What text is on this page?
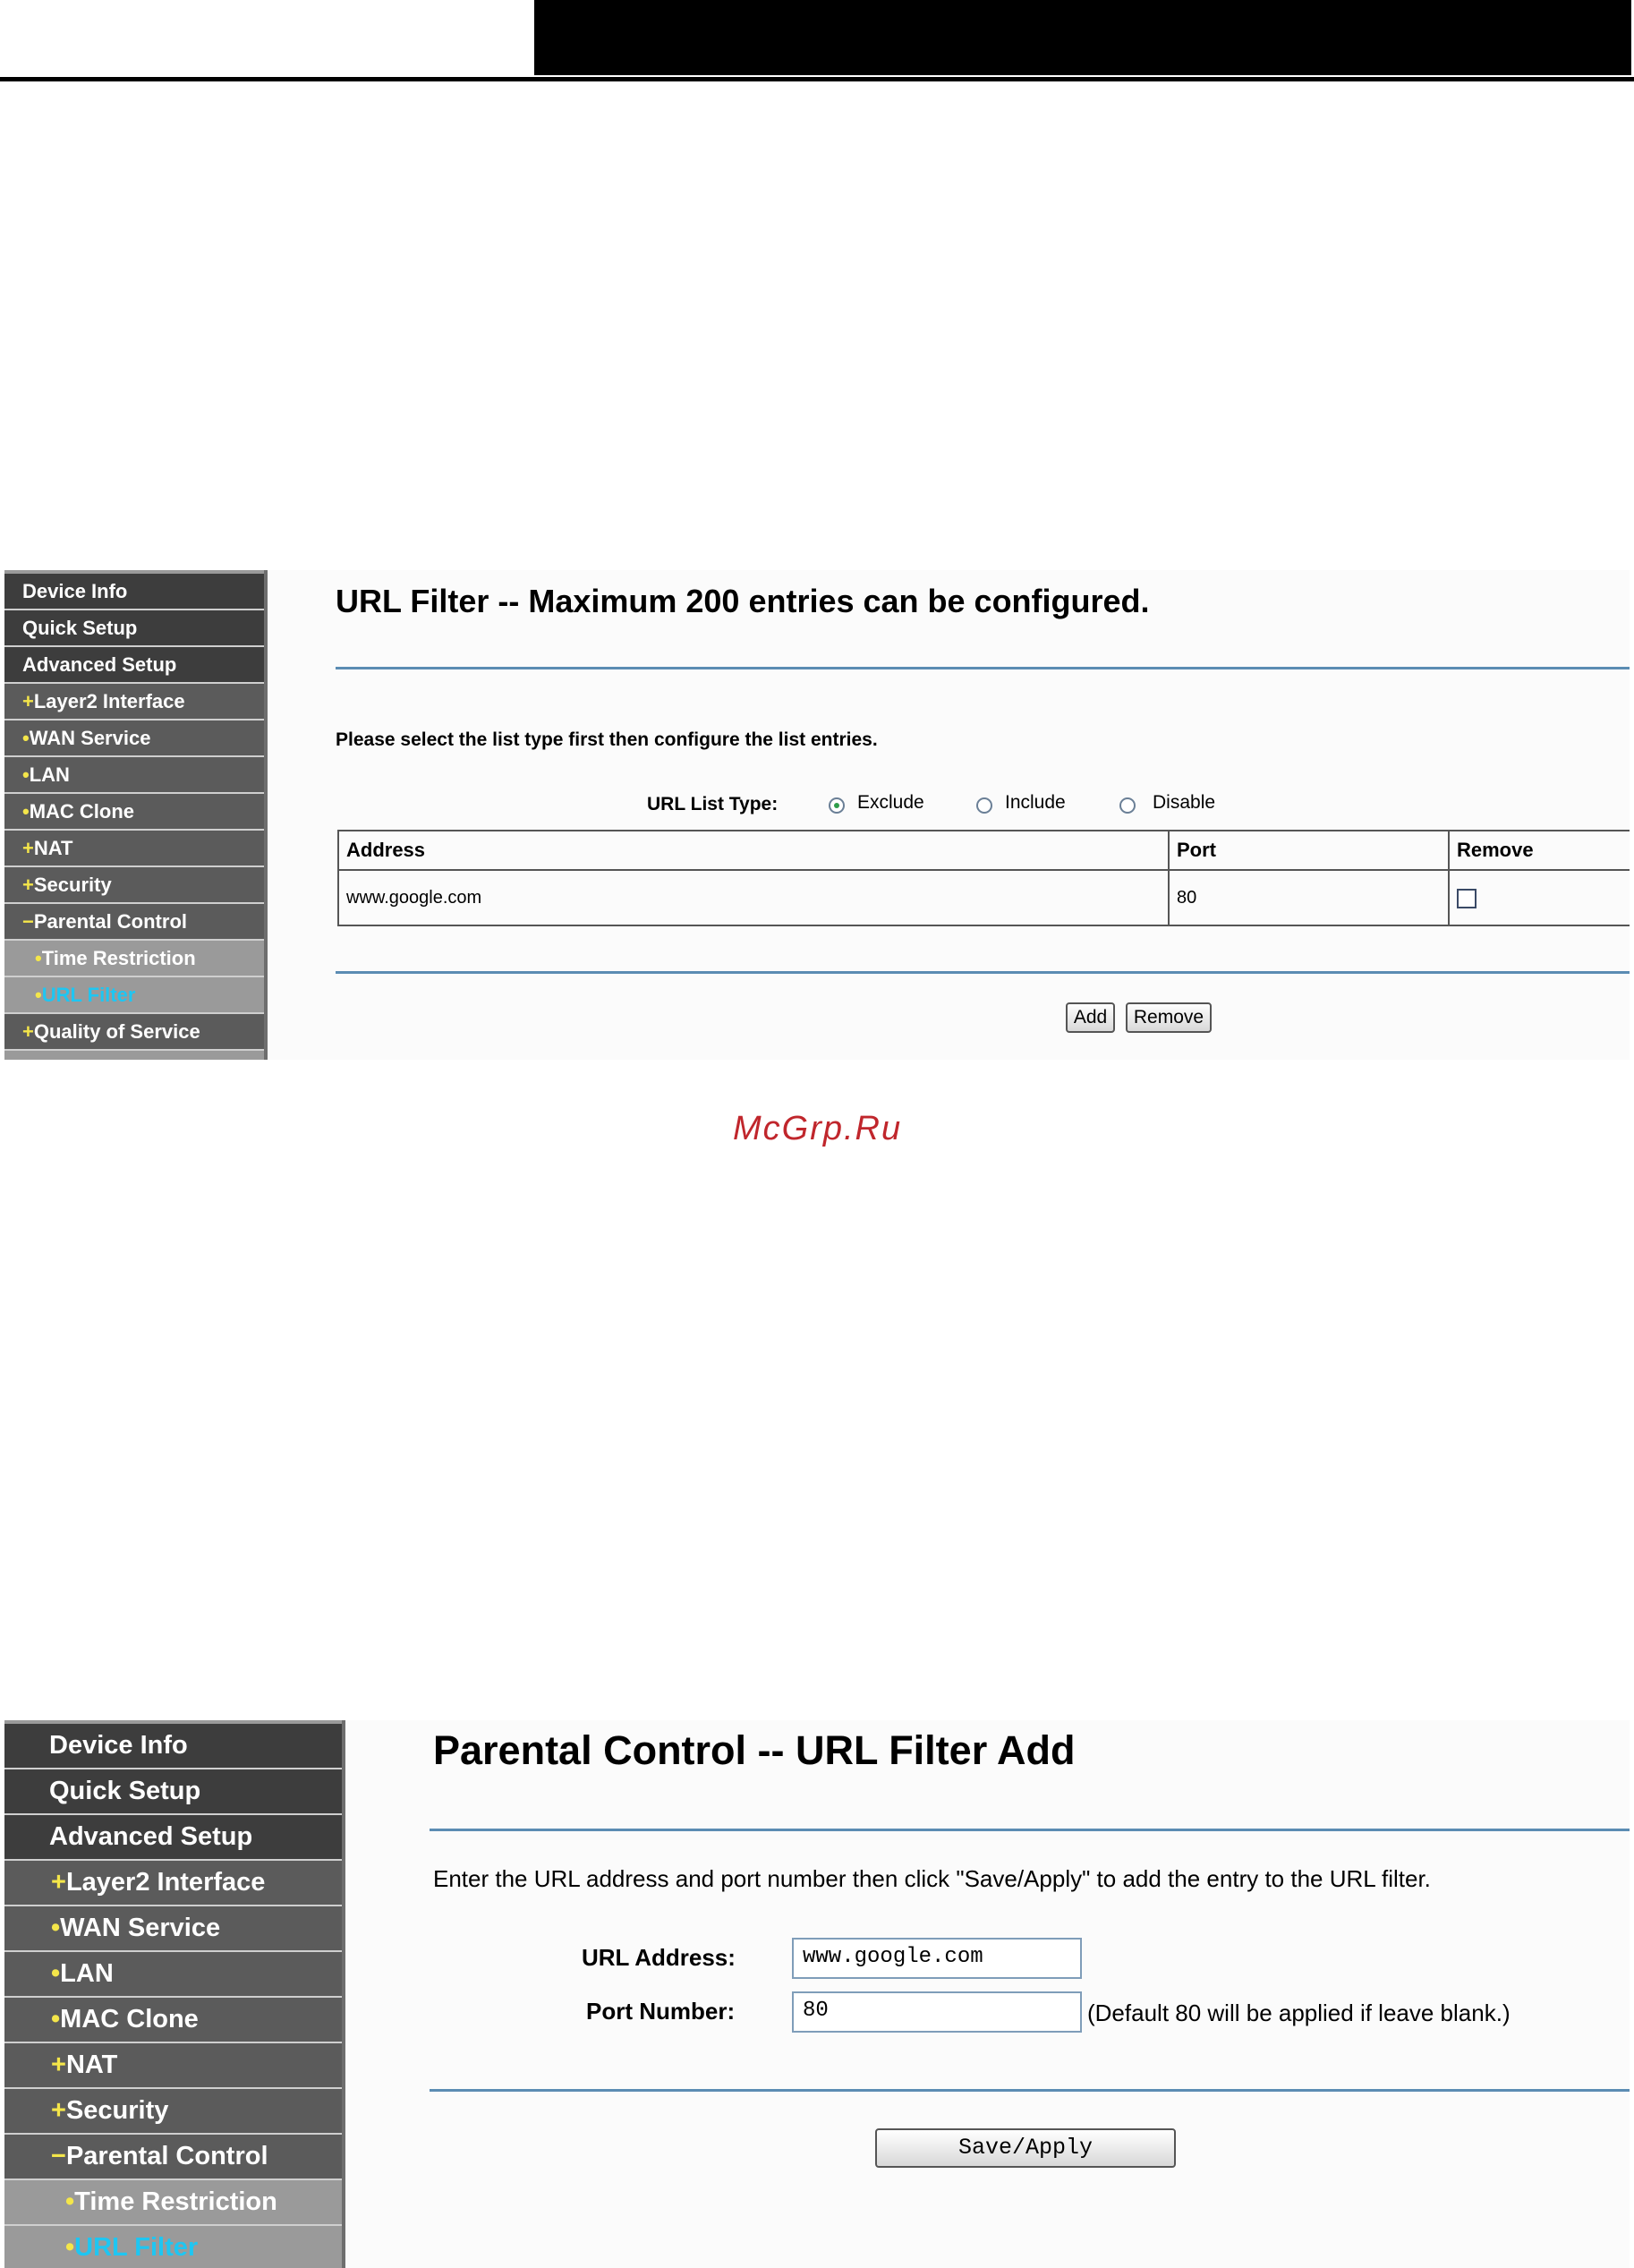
Device Info
Quick Setup
Advanced Setup
+Layer2 Interface
•WAN Service
•LAN
•MAC Clone
+NAT
+Security
−Parental Control
•Time Restriction
•URL Filter
+Quality of Service
URL Filter -- Maximum 200 entries can be configured.
Please select the list type first then configure the list entries.
URL List Type:	Exclude	Include	Disable
Address	Port	Remove
www.google.com	80	
Add	Remove
McGrp.Ru
Device Info
Quick Setup
Advanced Setup
+Layer2 Interface
•WAN Service
•LAN
•MAC Clone
+NAT
+Security
−Parental Control
•Time Restriction
•URL Filter
Parental Control -- URL Filter Add
Enter the URL address and port number then click "Save/Apply" to add the entry to the URL filter.
URL Address:	www.google.com
Port Number:	80	(Default 80 will be applied if leave blank.)
Save/Apply
